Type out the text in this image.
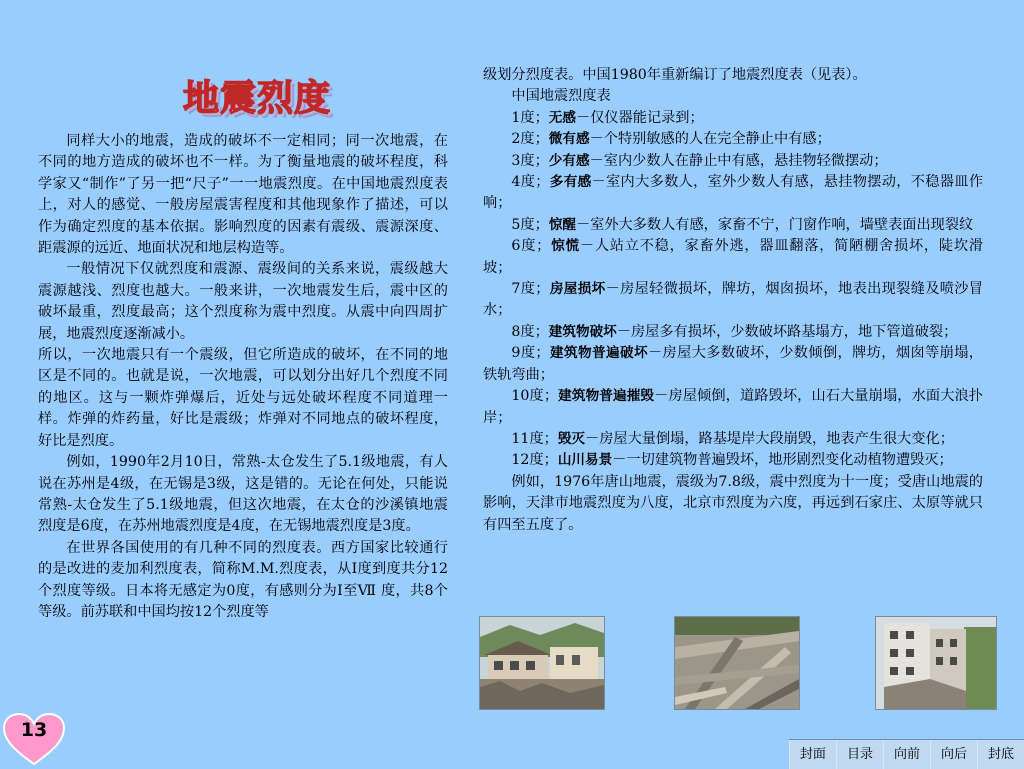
地震烈度

同样大小的地震，造成的破坏不一定相同；同一次地震，在不同的地方造成的破坏也不一样。为了衡量地震的破坏程度，科学家又“制作”了另一把“尺子”一一地震烈度。在中国地震烈度表上，对人的感觉、一般房屋震害程度和其他现象作了描述，可以作为确定烈度的基本依据。影响烈度的因素有震级、震源深度、距震源的远近、地面状况和地层构造等。

一般情况下仅就烈度和震源、震级间的关系来说，震级越大震源越浅、烈度也越大。一般来讲，一次地震发生后，震中区的破坏最重，烈度最高；这个烈度称为震中烈度。从震中向四周扩展，地震烈度逐渐减小。

所以，一次地震只有一个震级，但它所造成的破坏，在不同的地区是不同的。也就是说，一次地震，可以划分出好几个烈度不同的地区。这与一颗炸弹爆后，近处与远处破坏程度不同道理一样。炸弹的炸药量，好比是震级；炸弹对不同地点的破坏程度，好比是烈度。

例如，1990年2月10日，常熟-太仓发生了5.1级地震，有人说在苏州是4级，在无锡是3级，这是错的。无论在何处，只能说常熟-太仓发生了5.1级地震，但这次地震，在太仓的沙溪镇地震烈度是6度，在苏州地震烈度是4度，在无锡地震烈度是3度。

在世界各国使用的有几种不同的烈度表。西方国家比较通行的是改进的麦加利烈度表，简称M.M.烈度表，从I度到度共分12个烈度等级。日本将无感定为0度，有感则分为I至Ⅶ 度，共8个等级。前苏联和中国均按12个烈度等

级划分烈度表。中国1980年重新编订了地震烈度表（见表）。

中国地震烈度表

1度；无感－仅仪器能记录到；

2度；微有感－个特别敏感的人在完全静止中有感；

3度；少有感－室内少数人在静止中有感，悬挂物轻微摆动；

4度；多有感－室内大多数人，室外少数人有感，悬挂物摆动，不稳器皿作响；

5度；惊醒－室外大多数人有感，家畜不宁，门窗作响，墙壁表面出现裂纹

6度；惊慌－人站立不稳，家畜外逃，器皿翻落，简陋棚舍损坏，陡坎滑坡；

7度；房屋损坏－房屋轻微损坏，牌坊，烟囱损坏，地表出现裂缝及喷沙冒水；

8度；建筑物破坏－房屋多有损坏，少数破坏路基塌方，地下管道破裂；

9度；建筑物普遍破坏－房屋大多数破坏，少数倾倒，牌坊，烟囱等崩塌，铁轨弯曲；

10度；建筑物普遍摧毁－房屋倾倒，道路毁坏，山石大量崩塌，水面大浪扑岸；

11度；毁灭－房屋大量倒塌，路基堤岸大段崩毁，地表产生很大变化；

12度；山川易景－一切建筑物普遍毁坏，地形剧烈变化动植物遭毁灭；

例如，1976年唐山地震，震级为7.8级，震中烈度为十一度；受唐山地震的影响，天津市地震烈度为八度，北京市烈度为六度，再远到石家庄、太原等就只有四至五度了。

13
封面	目录	向前	向后	封底
